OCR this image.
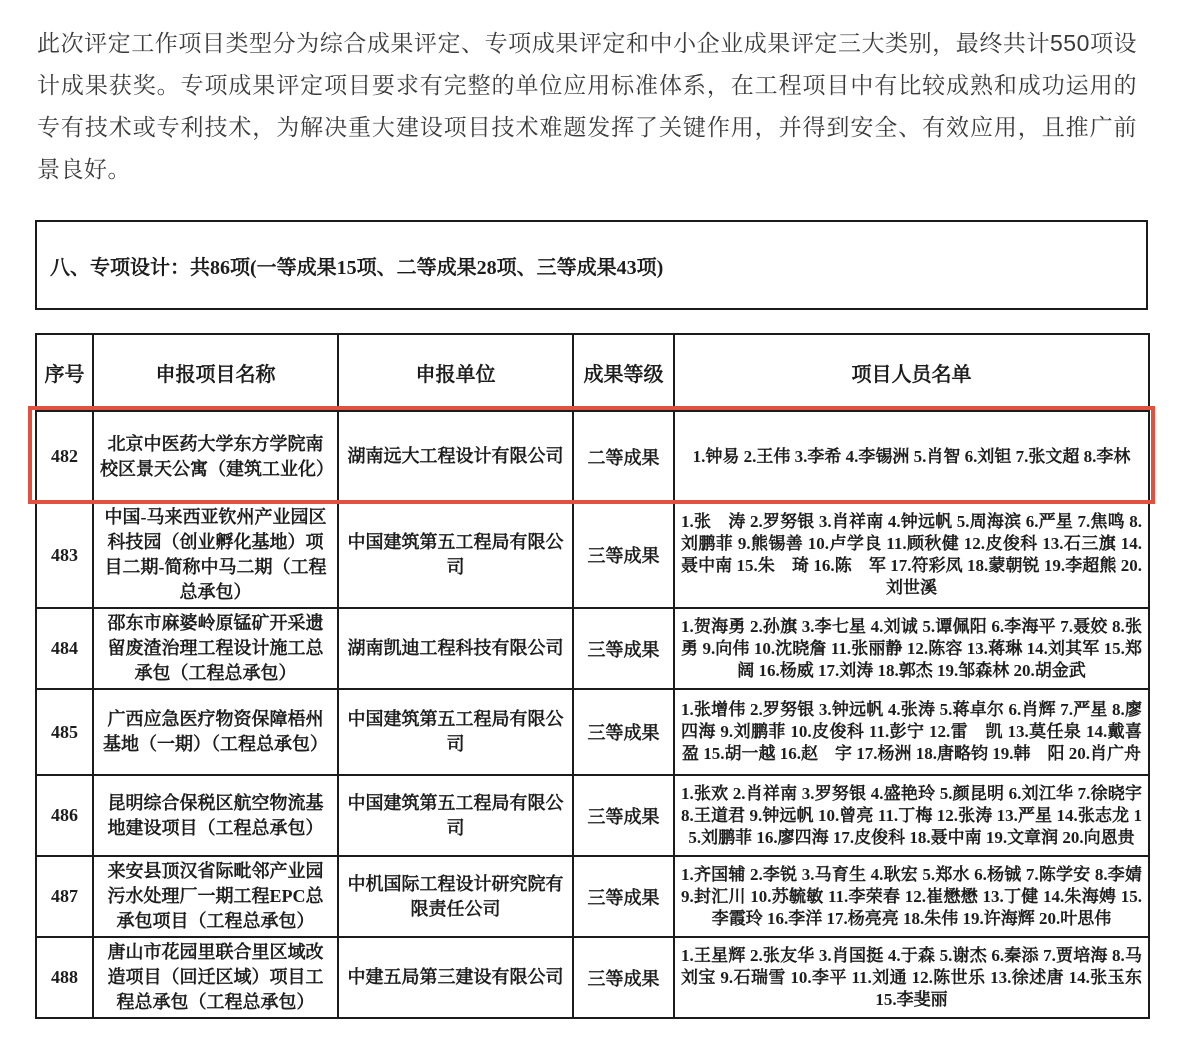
此次评定工作项目类型分为综合成果评定、专项成果评定和中小企业成果评定三大类别，最终共计550项设计成果获奖。专项成果评定项目要求有完整的单位应用标准体系，在工程项目中有比较成熟和成功运用的专有技术或专利技术，为解决重大建设项目技术难题发挥了关键作用，并得到安全、有效应用，且推广前景良好。

八、专项设计：共86项(一等成果15项、二等成果28项、三等成果43项)
序号	申报项目名称	申报单位	成果等级	项目人员名单
482	北京中医药大学东方学院南校区景天公寓（建筑工业化）	湖南远大工程设计有限公司	二等成果	1.钟易 2.王伟 3.李希 4.李锡洲 5.肖智 6.刘钽 7.张文超 8.李林
483	中国-马来西亚钦州产业园区科技园（创业孵化基地）项目二期-简称中马二期（工程总承包）	中国建筑第五工程局有限公司	三等成果	1.张　涛 2.罗努银 3.肖祥南 4.钟远帆 5.周海滨 6.严星 7.焦鸣 8.刘鹏菲 9.熊锡善 10.卢学良 11.顾秋健 12.皮俊科 13.石三旗 14.聂中南 15.朱　琦 16.陈　军 17.符彩凤 18.蒙朝锐 19.李超熊 20.刘世溪
484	邵东市麻婆岭原锰矿开采遗留废渣治理工程设计施工总承包（工程总承包）	湖南凯迪工程科技有限公司	三等成果	1.贺海勇 2.孙旗 3.李七星 4.刘诚 5.谭佩阳 6.李海平 7.聂姣 8.张勇 9.向伟 10.沈晓詹 11.张丽静 12.陈容 13.蒋琳 14.刘其军 15.郑阔 16.杨威 17.刘涛 18.郭杰 19.邹森林 20.胡金武
485	广西应急医疗物资保障梧州基地（一期）（工程总承包）	中国建筑第五工程局有限公司	三等成果	1.张增伟 2.罗努银 3.钟远帆 4.张涛 5.蒋卓尔 6.肖辉 7.严星 8.廖四海 9.刘鹏菲 10.皮俊科 11.彭宁 12.雷　凯 13.莫任泉 14.戴喜盈 15.胡一越 16.赵　宇 17.杨洲 18.唐略钧 19.韩　阳 20.肖广舟
486	昆明综合保税区航空物流基地建设项目（工程总承包）	中国建筑第五工程局有限公司	三等成果	1.张欢 2.肖祥南 3.罗努银 4.盛艳玲 5.颜昆明 6.刘江华 7.徐晓宇 8.王道君 9.钟远帆 10.曾亮 11.丁梅 12.张涛 13.严星 14.张志龙 15.刘鹏菲 16.廖四海 17.皮俊科 18.聂中南 19.文章润 20.向恩贵
487	来安县顶汉省际毗邻产业园污水处理厂一期工程EPC总承包项目（工程总承包）	中机国际工程设计研究院有限责任公司	三等成果	1.齐国辅 2.李锐 3.马育生 4.耿宏 5.郑水 6.杨铖 7.陈学安 8.李婧 9.封汇川 10.苏毓敏 11.李荣春 12.崔懋懋 13.丁健 14.朱海娉 15.李霞玲 16.李洋 17.杨亮亮 18.朱伟 19.许海辉 20.叶思伟
488	唐山市花园里联合里区域改造项目（回迁区域）项目工程总承包（工程总承包）	中建五局第三建设有限公司	三等成果	1.王星辉 2.张友华 3.肖国挺 4.于森 5.谢杰 6.秦添 7.贾培海 8.马刘宝 9.石瑞雪 10.李平 11.刘通 12.陈世乐 13.徐述唐 14.张玉东 15.李斐丽
